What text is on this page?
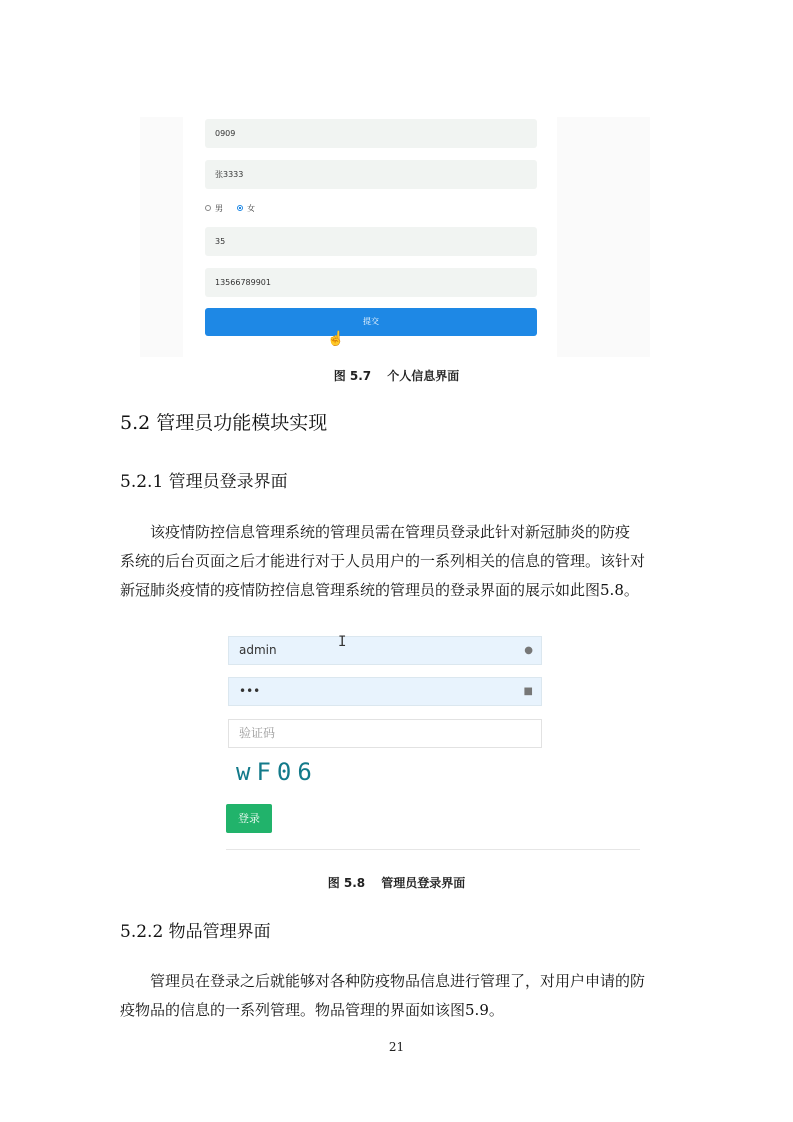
0909
张3333
男	女
35
13566789901
提交
☝
图 5.7　 个人信息界面
5.2 管理员功能模块实现
5.2.1 管理员登录界面

该疫情防控信息管理系统的管理员需在管理员登录此针对新冠肺炎的防疫

系统的后台页面之后才能进行对于人员用户的一系列相关的信息的管理。该针对

新冠肺炎疫情的疫情防控信息管理系统的管理员的登录界面的展示如此图5.8。

admin	●
I
•••	■
验证码
wF06
登录
图 5.8　 管理员登录界面
5.2.2 物品管理界面

管理员在登录之后就能够对各种防疫物品信息进行管理了，对用户申请的防

疫物品的信息的一系列管理。物品管理的界面如该图5.9。

21
